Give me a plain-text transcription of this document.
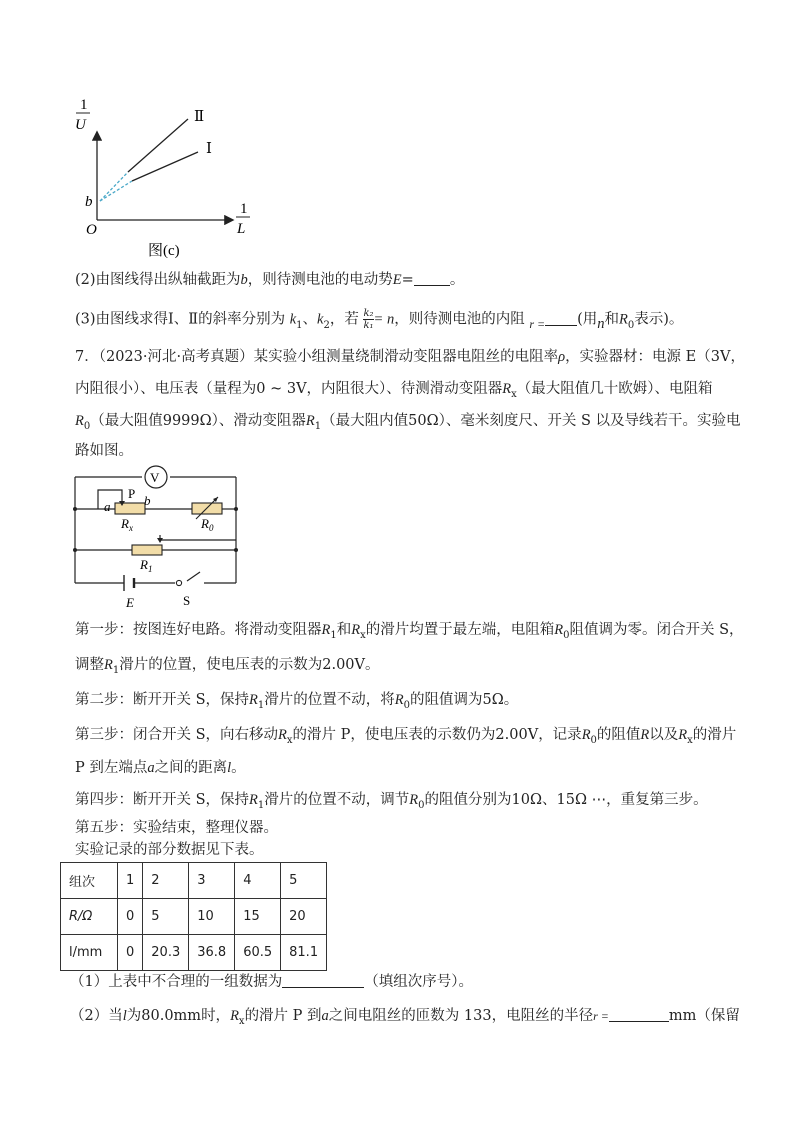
1
U
1
L
O
b
Ⅱ
Ⅰ
图(c)
(2)由图线得出纵轴截距为b，则待测电池的电动势E= 。
(3)由图线求得Ⅰ、Ⅱ的斜率分别为 $k_1$、$k_2$，若 $\frac{\text{k₂}}{\text{k₁}} = n$，则待测电池的内阻 $_{r =}$ (用n和$R_0$表示)。
7．（2023·河北·高考真题）某实验小组测量绕制滑动变阻器电阻丝的电阻率ρ，实验器材：电源 E（3V，
内阻很小）、电压表（量程为0 ~ 3V，内阻很大）、待测滑动变阻器$R_x$（最大阻值几十欧姆）、电阻箱
$R_0$（最大阻值9999Ω）、滑动变阻器$R_1$（最大阻内值50Ω）、毫米刻度尺、开关 S 以及导线若干。实验电
路如图。
V
P
a	b
$R_x$	$R_0$
$R_1$
E	S
第一步：按图连好电路。将滑动变阻器$R_1$和$R_x$的滑片均置于最左端，电阻箱$R_0$阻值调为零。闭合开关 S，
调整$R_1$滑片的位置，使电压表的示数为2.00V。
第二步：断开开关 S，保持$R_1$滑片的位置不动，将$R_0$的阻值调为5Ω。
第三步：闭合开关 S，向右移动$R_x$的滑片 P，使电压表的示数仍为2.00V，记录$R_0$的阻值R以及$R_x$的滑片
P 到左端点a之间的距离l。
第四步：断开开关 S，保持$R_1$滑片的位置不动，调节$R_0$的阻值分别为10Ω、15Ω ⋯，重复第三步。
第五步：实验结束，整理仪器。
实验记录的部分数据见下表。
组次	1	2	3	4	5
R/Ω	0	5	10	15	20
l/mm	0	20.3	36.8	60.5	81.1
（1）上表中不合理的一组数据为	（填组次序号）。
（2）当l为80.0mm时，$R_x$的滑片 P 到a之间电阻丝的匝数为 133，电阻丝的半径r =	mm（保留
